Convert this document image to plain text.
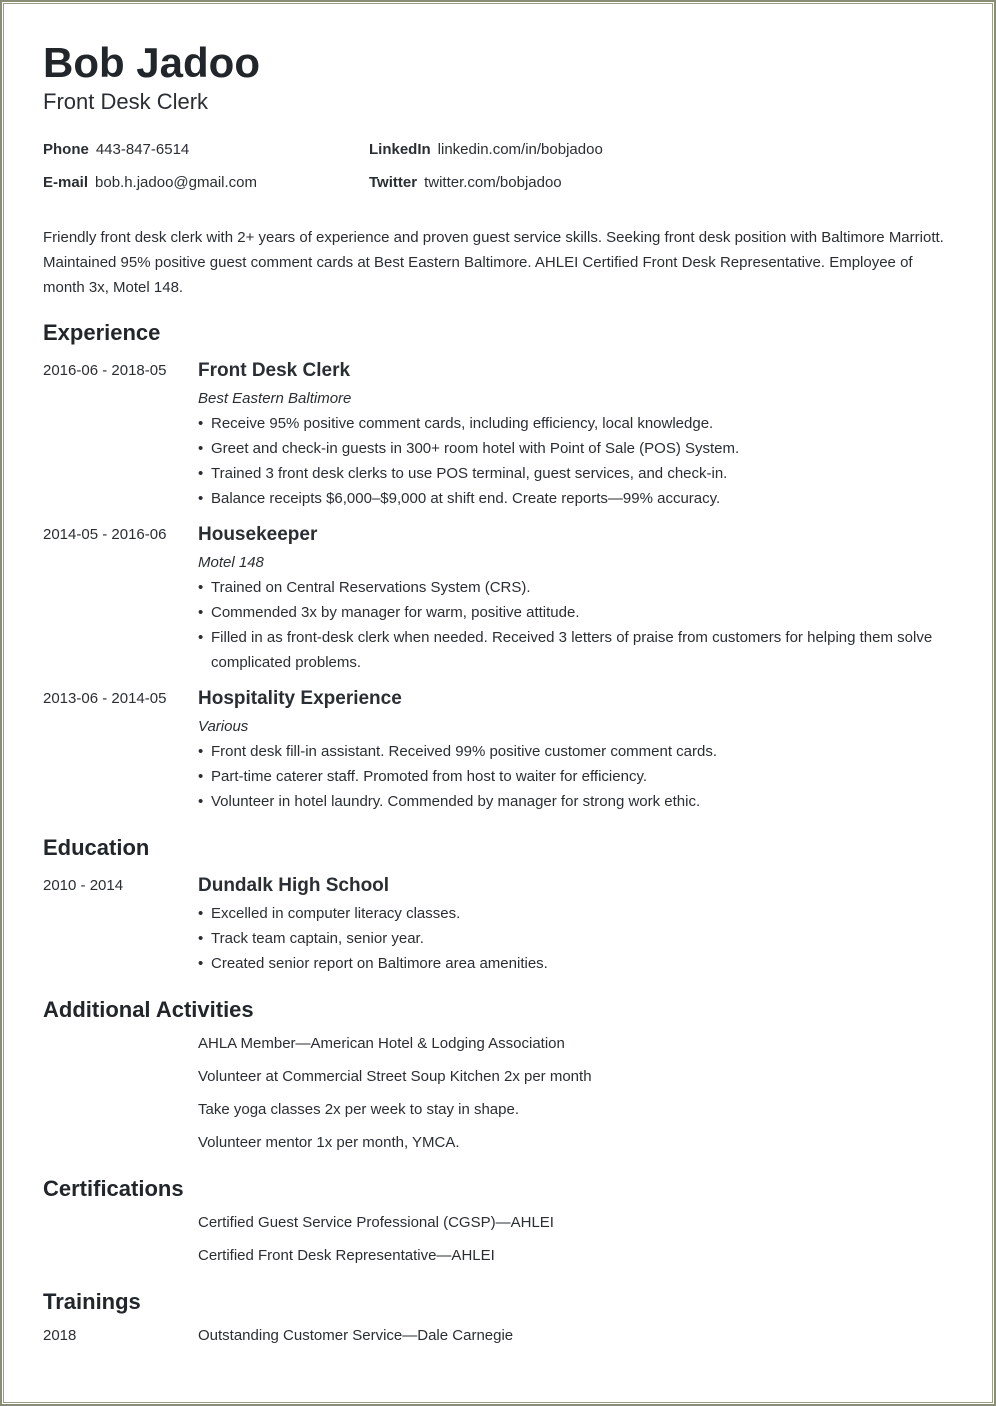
Bob Jadoo
Front Desk Clerk
Phone 443-847-6514	LinkedIn linkedin.com/in/bobjadoo
E-mail bob.h.jadoo@gmail.com	Twitter twitter.com/bobjadoo

Friendly front desk clerk with 2+ years of experience and proven guest service skills. Seeking front desk position with Baltimore Marriott. Maintained 95% positive guest comment cards at Best Eastern Baltimore. AHLEI Certified Front Desk Representative. Employee of month 3x, Motel 148.

Experience
2016-06 - 2018-05	Front Desk Clerk
Best Eastern Baltimore
• Receive 95% positive comment cards, including efficiency, local knowledge.
• Greet and check-in guests in 300+ room hotel with Point of Sale (POS) System.
• Trained 3 front desk clerks to use POS terminal, guest services, and check-in.
• Balance receipts $6,000–$9,000 at shift end. Create reports—99% accuracy.
2014-05 - 2016-06	Housekeeper
Motel 148
• Trained on Central Reservations System (CRS).
• Commended 3x by manager for warm, positive attitude.
• Filled in as front-desk clerk when needed. Received 3 letters of praise from customers for helping them solve complicated problems.
2013-06 - 2014-05	Hospitality Experience
Various
• Front desk fill-in assistant. Received 99% positive customer comment cards.
• Part-time caterer staff. Promoted from host to waiter for efficiency.
• Volunteer in hotel laundry. Commended by manager for strong work ethic.
Education
2010 - 2014	Dundalk High School
• Excelled in computer literacy classes.
• Track team captain, senior year.
• Created senior report on Baltimore area amenities.
Additional Activities
AHLA Member—American Hotel & Lodging Association
Volunteer at Commercial Street Soup Kitchen 2x per month
Take yoga classes 2x per week to stay in shape.
Volunteer mentor 1x per month, YMCA.
Certifications
Certified Guest Service Professional (CGSP)—AHLEI
Certified Front Desk Representative—AHLEI
Trainings
2018	Outstanding Customer Service—Dale Carnegie
